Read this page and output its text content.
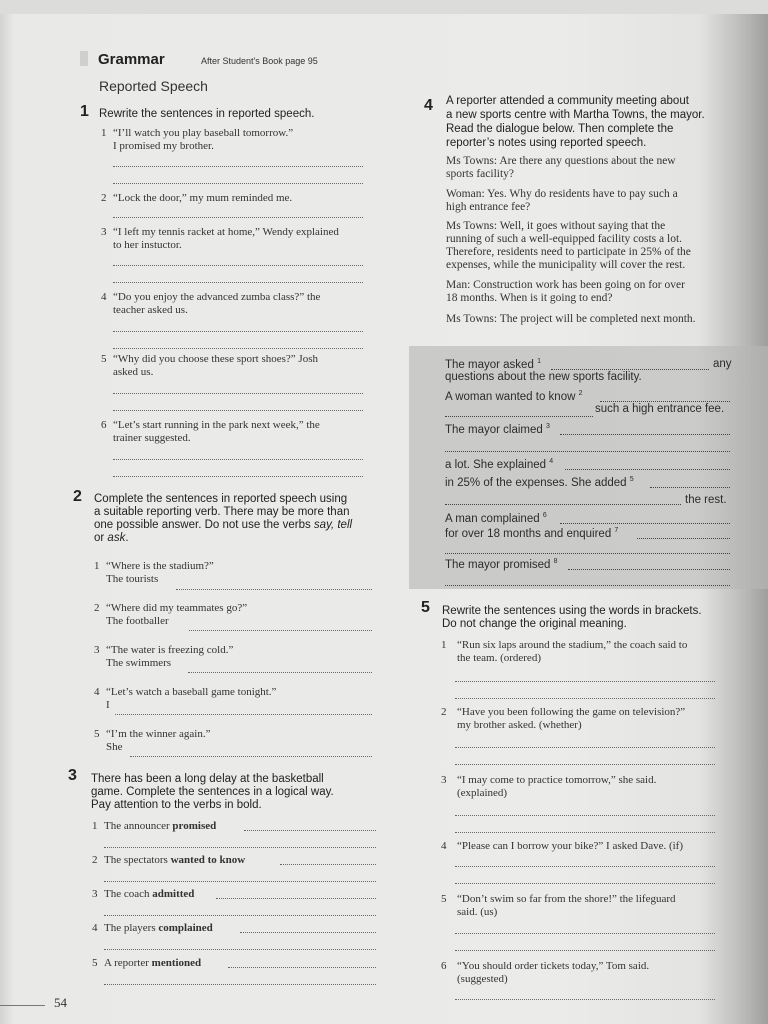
Grammar	After Student's Book page 95
Reported Speech
1 Rewrite the sentences in reported speech.
1 “I’ll watch you play baseball tomorrow.”
I promised my brother.
2 “Lock the door,” my mum reminded me.
3 “I left my tennis racket at home,” Wendy explained
to her instuctor.
4 “Do you enjoy the advanced zumba class?” the
teacher asked us.
5 “Why did you choose these sport shoes?” Josh
asked us.
6 “Let’s start running in the park next week,” the
trainer suggested.
2 Complete the sentences in reported speech using
a suitable reporting verb. There may be more than
one possible answer. Do not use the verbs say, tell
or ask.
1 “Where is the stadium?”
The tourists
2 “Where did my teammates go?”
The footballer
3 “The water is freezing cold.”
The swimmers
4 “Let’s watch a baseball game tonight.”
I
5 “I’m the winner again.”
She
3 There has been a long delay at the basketball
game. Complete the sentences in a logical way.
Pay attention to the verbs in bold.
1 The announcer promised
2 The spectators wanted to know
3 The coach admitted
4 The players complained
5 A reporter mentioned
4 A reporter attended a community meeting about
a new sports centre with Martha Towns, the mayor.
Read the dialogue below. Then complete the
reporter’s notes using reported speech.
Ms Towns: Are there any questions about the new
sports facility?
Woman: Yes. Why do residents have to pay such a
high entrance fee?
Ms Towns: Well, it goes without saying that the
running of such a well-equipped facility costs a lot.
Therefore, residents need to participate in 25% of the
expenses, while the municipality will cover the rest.
Man: Construction work has been going on for over
18 months. When is it going to end?
Ms Towns: The project will be completed next month.
The mayor asked $^1$	any
questions about the new sports facility.
A woman wanted to know $^2$
such a high entrance fee.
The mayor claimed $^3$
a lot. She explained $^4$
in 25% of the expenses. She added $^5$
the rest.
A man complained $^6$
for over 18 months and enquired $^7$
The mayor promised $^8$
5 Rewrite the sentences using the words in brackets.
Do not change the original meaning.
1 “Run six laps around the stadium,” the coach said to
the team. (ordered)
2 “Have you been following the game on television?”
my brother asked. (whether)
3 “I may come to practice tomorrow,” she said.
(explained)
4 “Please can I borrow your bike?” I asked Dave. (if)
5 “Don’t swim so far from the shore!” the lifeguard
said. (us)
6 “You should order tickets today,” Tom said.
(suggested)
54
